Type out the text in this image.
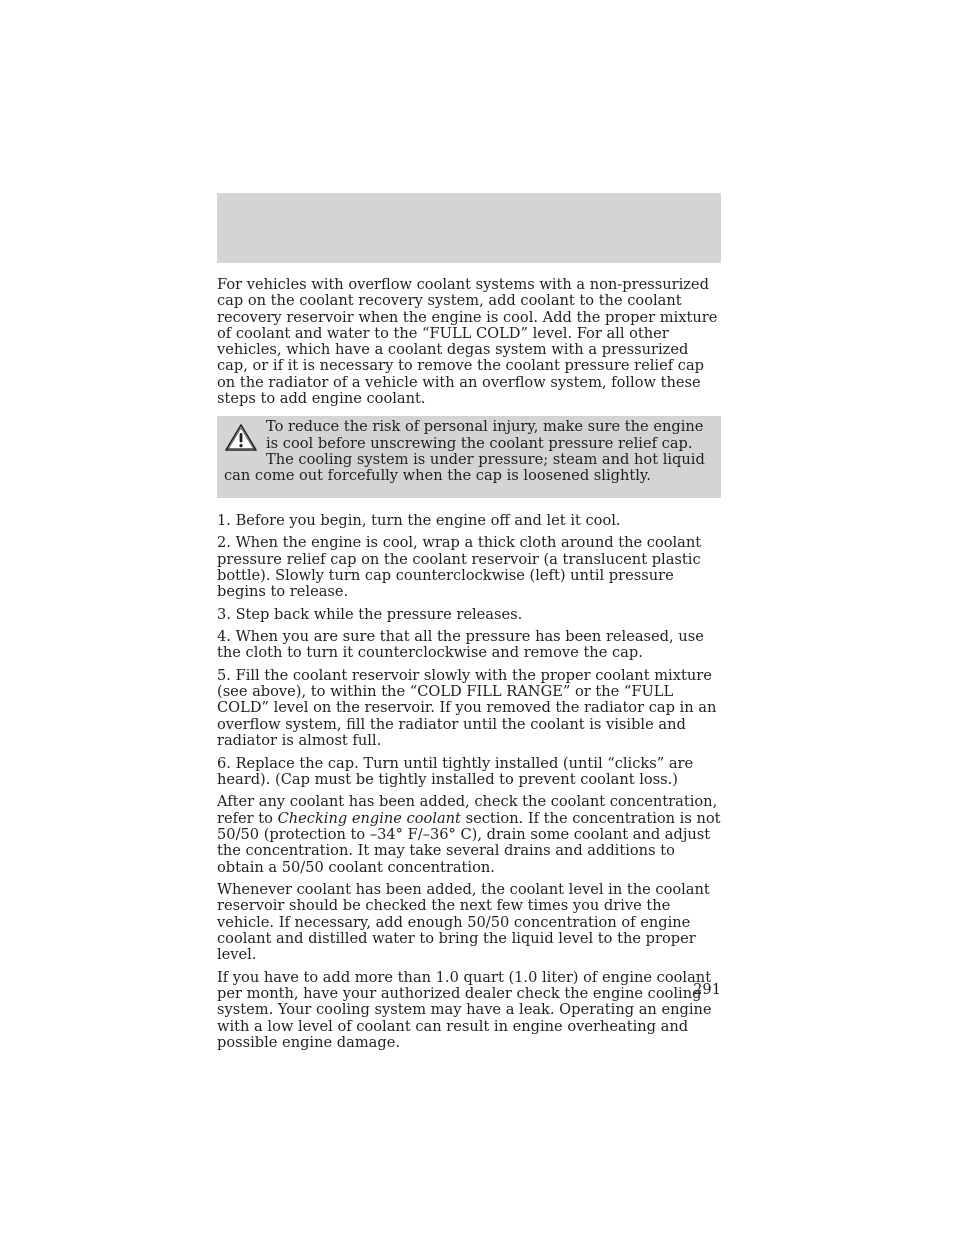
For vehicles with overflow coolant systems with a non-pressurized cap on the coolant recovery system, add coolant to the coolant recovery reservoir when the engine is cool. Add the proper mixture of coolant and water to the “FULL COLD” level. For all other vehicles, which have a coolant degas system with a pressurized cap, or if it is necessary to remove the coolant pressure relief cap on the radiator of a vehicle with an overflow system, follow these steps to add engine coolant.

To reduce the risk of personal injury, make sure the engine is cool before unscrewing the coolant pressure relief cap. The cooling system is under pressure; steam and hot liquid can come out forcefully when the cap is loosened slightly.

1. Before you begin, turn the engine off and let it cool.

2. When the engine is cool, wrap a thick cloth around the coolant pressure relief cap on the coolant reservoir (a translucent plastic bottle). Slowly turn cap counterclockwise (left) until pressure begins to release.

3. Step back while the pressure releases.

4. When you are sure that all the pressure has been released, use the cloth to turn it counterclockwise and remove the cap.

5. Fill the coolant reservoir slowly with the proper coolant mixture (see above), to within the “COLD FILL RANGE” or the “FULL COLD” level on the reservoir. If you removed the radiator cap in an overflow system, fill the radiator until the coolant is visible and radiator is almost full.

6. Replace the cap. Turn until tightly installed (until “clicks” are heard). (Cap must be tightly installed to prevent coolant loss.)

After any coolant has been added, check the coolant concentration, refer to Checking engine coolant section. If the concentration is not 50/50 (protection to –34° F/–36° C), drain some coolant and adjust the concentration. It may take several drains and additions to obtain a 50/50 coolant concentration.

Whenever coolant has been added, the coolant level in the coolant reservoir should be checked the next few times you drive the vehicle. If necessary, add enough 50/50 concentration of engine coolant and distilled water to bring the liquid level to the proper level.

If you have to add more than 1.0 quart (1.0 liter) of engine coolant per month, have your authorized dealer check the engine cooling system. Your cooling system may have a leak. Operating an engine with a low level of coolant can result in engine overheating and possible engine damage.

291
